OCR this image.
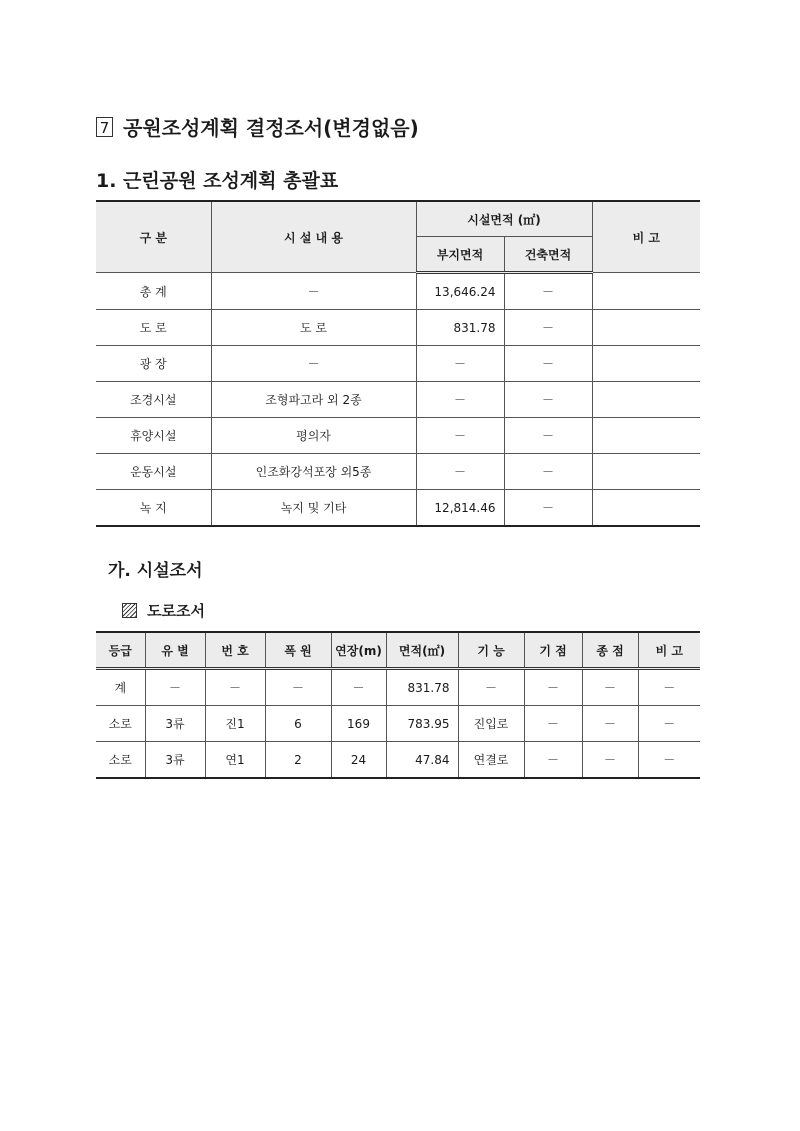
7 공원조성계획 결정조서(변경없음)
1. 근린공원 조성계획 총괄표
구 분	시 설 내 용	시설면적 (㎡)		비 고
		부지면적	건축면적	
총 계	－	13,646.24	－	
도 로	도 로	831.78	－	
광 장	－	－	－	
조경시설	조형파고라 외 2종	－	－	
휴양시설	평의자	－	－	
운동시설	인조화강석포장 외5종	－	－	
녹 지	녹지 및 기타	12,814.46	－	
가. 시설조서
도로조서
등급	유 별	번 호	폭 원	연장(m)	면적(㎡)	기 능	기 점	종 점	비 고
계	－	－	－	－	831.78	－	－	－	－
소로	3류	진1	6	169	783.95	진입로	－	－	－
소로	3류	연1	2	24	47.84	연결로	－	－	－
